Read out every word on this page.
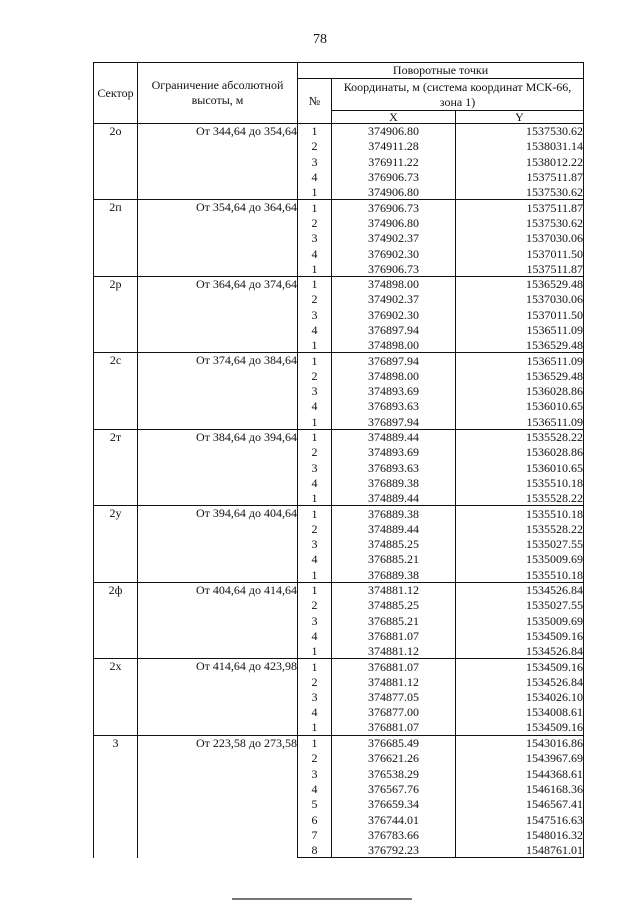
78
Сектор	Ограничение абсолютной высоты, м	Поворотные точки		
		№	Координаты, м (система координат МСК-66, зона 1)	
			X	Y
2о	От 344,64 до 354,64	1	374906.80	1537530.62
		2	374911.28	1538031.14
		3	376911.22	1538012.22
		4	376906.73	1537511.87
		1	374906.80	1537530.62
2п	От 354,64 до 364,64	1	376906.73	1537511.87
		2	374906.80	1537530.62
		3	374902.37	1537030.06
		4	376902.30	1537011.50
		1	376906.73	1537511.87
2р	От 364,64 до 374,64	1	374898.00	1536529.48
		2	374902.37	1537030.06
		3	376902.30	1537011.50
		4	376897.94	1536511.09
		1	374898.00	1536529.48
2с	От 374,64 до 384,64	1	376897.94	1536511.09
		2	374898.00	1536529.48
		3	374893.69	1536028.86
		4	376893.63	1536010.65
		1	376897.94	1536511.09
2т	От 384,64 до 394,64	1	374889.44	1535528.22
		2	374893.69	1536028.86
		3	376893.63	1536010.65
		4	376889.38	1535510.18
		1	374889.44	1535528.22
2у	От 394,64 до 404,64	1	376889.38	1535510.18
		2	374889.44	1535528.22
		3	374885.25	1535027.55
		4	376885.21	1535009.69
		1	376889.38	1535510.18
2ф	От 404,64 до 414,64	1	374881.12	1534526.84
		2	374885.25	1535027.55
		3	376885.21	1535009.69
		4	376881.07	1534509.16
		1	374881.12	1534526.84
2х	От 414,64 до 423,98	1	376881.07	1534509.16
		2	374881.12	1534526.84
		3	374877.05	1534026.10
		4	376877.00	1534008.61
		1	376881.07	1534509.16
3	От 223,58 до 273,58	1	376685.49	1543016.86
		2	376621.26	1543967.69
		3	376538.29	1544368.61
		4	376567.76	1546168.36
		5	376659.34	1546567.41
		6	376744.01	1547516.63
		7	376783.66	1548016.32
		8	376792.23	1548761.01
